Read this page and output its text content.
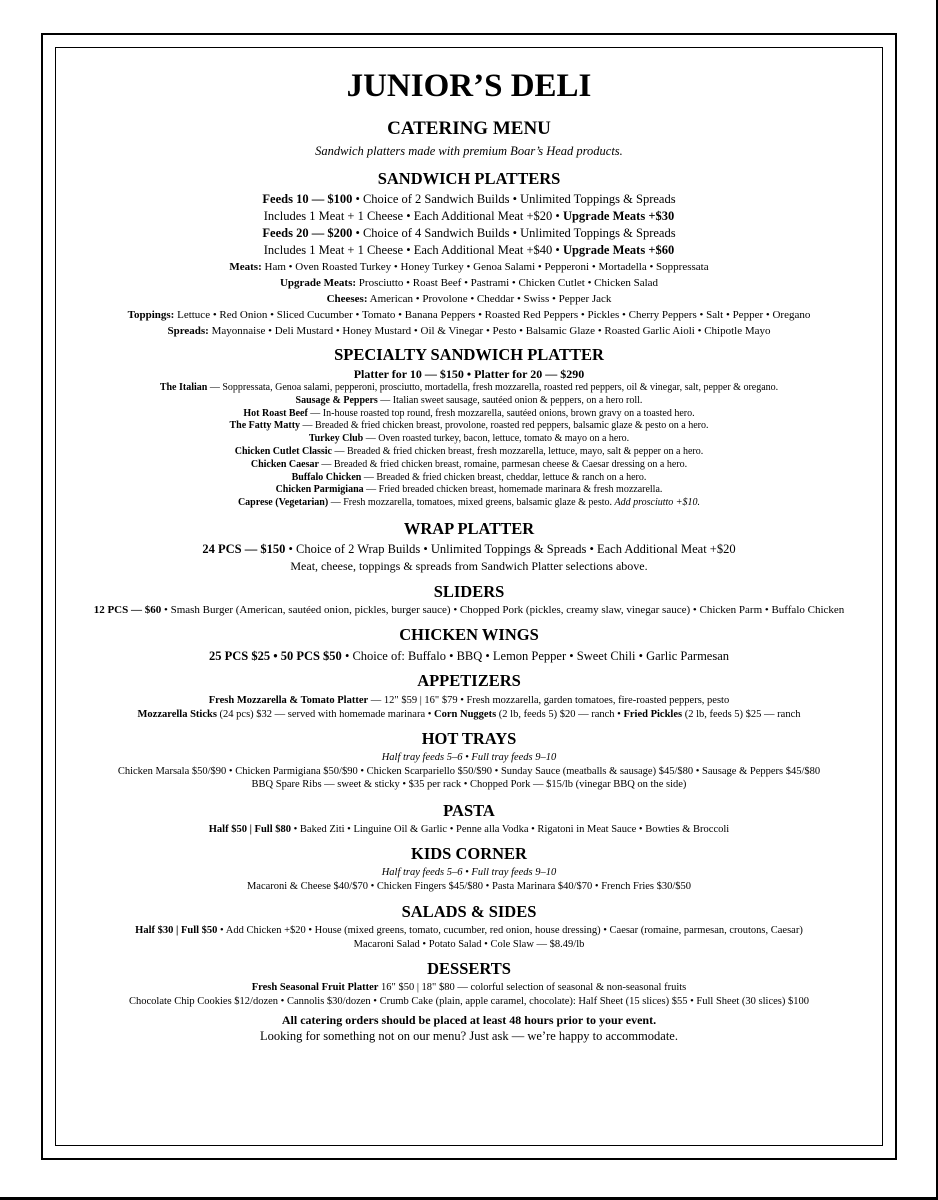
JUNIOR’S DELI
CATERING MENU
Sandwich platters made with premium Boar’s Head products.
SANDWICH PLATTERS
Feeds 10 — $100 • Choice of 2 Sandwich Builds • Unlimited Toppings & Spreads
Includes 1 Meat + 1 Cheese • Each Additional Meat +$20 • Upgrade Meats +$30
Feeds 20 — $200 • Choice of 4 Sandwich Builds • Unlimited Toppings & Spreads
Includes 1 Meat + 1 Cheese • Each Additional Meat +$40 • Upgrade Meats +$60
Meats: Ham • Oven Roasted Turkey • Honey Turkey • Genoa Salami • Pepperoni • Mortadella • Soppressata
Upgrade Meats: Prosciutto • Roast Beef • Pastrami • Chicken Cutlet • Chicken Salad
Cheeses: American • Provolone • Cheddar • Swiss • Pepper Jack
Toppings: Lettuce • Red Onion • Sliced Cucumber • Tomato • Banana Peppers • Roasted Red Peppers • Pickles • Cherry Peppers • Salt • Pepper • Oregano
Spreads: Mayonnaise • Deli Mustard • Honey Mustard • Oil & Vinegar • Pesto • Balsamic Glaze • Roasted Garlic Aioli • Chipotle Mayo
SPECIALTY SANDWICH PLATTER
Platter for 10 — $150 • Platter for 20 — $290
The Italian — Soppressata, Genoa salami, pepperoni, prosciutto, mortadella, fresh mozzarella, roasted red peppers, oil & vinegar, salt, pepper & oregano.
Sausage & Peppers — Italian sweet sausage, sautéed onion & peppers, on a hero roll.
Hot Roast Beef — In-house roasted top round, fresh mozzarella, sautéed onions, brown gravy on a toasted hero.
The Fatty Matty — Breaded & fried chicken breast, provolone, roasted red peppers, balsamic glaze & pesto on a hero.
Turkey Club — Oven roasted turkey, bacon, lettuce, tomato & mayo on a hero.
Chicken Cutlet Classic — Breaded & fried chicken breast, fresh mozzarella, lettuce, mayo, salt & pepper on a hero.
Chicken Caesar — Breaded & fried chicken breast, romaine, parmesan cheese & Caesar dressing on a hero.
Buffalo Chicken — Breaded & fried chicken breast, cheddar, lettuce & ranch on a hero.
Chicken Parmigiana — Fried breaded chicken breast, homemade marinara & fresh mozzarella.
Caprese (Vegetarian) — Fresh mozzarella, tomatoes, mixed greens, balsamic glaze & pesto. Add prosciutto +$10.
WRAP PLATTER
24 PCS — $150 • Choice of 2 Wrap Builds • Unlimited Toppings & Spreads • Each Additional Meat +$20
Meat, cheese, toppings & spreads from Sandwich Platter selections above.
SLIDERS
12 PCS — $60 • Smash Burger (American, sautéed onion, pickles, burger sauce) • Chopped Pork (pickles, creamy slaw, vinegar sauce) • Chicken Parm • Buffalo Chicken
CHICKEN WINGS
25 PCS $25 • 50 PCS $50 • Choice of: Buffalo • BBQ • Lemon Pepper • Sweet Chili • Garlic Parmesan
APPETIZERS
Fresh Mozzarella & Tomato Platter — 12" $59 | 16" $79 • Fresh mozzarella, garden tomatoes, fire-roasted peppers, pesto
Mozzarella Sticks (24 pcs) $32 — served with homemade marinara • Corn Nuggets (2 lb, feeds 5) $20 — ranch • Fried Pickles (2 lb, feeds 5) $25 — ranch
HOT TRAYS
Half tray feeds 5–6 • Full tray feeds 9–10
Chicken Marsala $50/$90 • Chicken Parmigiana $50/$90 • Chicken Scarpariello $50/$90 • Sunday Sauce (meatballs & sausage) $45/$80 • Sausage & Peppers $45/$80
BBQ Spare Ribs — sweet & sticky • $35 per rack • Chopped Pork — $15/lb (vinegar BBQ on the side)
PASTA
Half $50 | Full $80 • Baked Ziti • Linguine Oil & Garlic • Penne alla Vodka • Rigatoni in Meat Sauce • Bowties & Broccoli
KIDS CORNER
Half tray feeds 5–6 • Full tray feeds 9–10
Macaroni & Cheese $40/$70 • Chicken Fingers $45/$80 • Pasta Marinara $40/$70 • French Fries $30/$50
SALADS & SIDES
Half $30 | Full $50 • Add Chicken +$20 • House (mixed greens, tomato, cucumber, red onion, house dressing) • Caesar (romaine, parmesan, croutons, Caesar)
Macaroni Salad • Potato Salad • Cole Slaw — $8.49/lb
DESSERTS
Fresh Seasonal Fruit Platter 16" $50 | 18" $80 — colorful selection of seasonal & non-seasonal fruits
Chocolate Chip Cookies $12/dozen • Cannolis $30/dozen • Crumb Cake (plain, apple caramel, chocolate): Half Sheet (15 slices) $55 • Full Sheet (30 slices) $100
All catering orders should be placed at least 48 hours prior to your event.
Looking for something not on our menu? Just ask — we’re happy to accommodate.
